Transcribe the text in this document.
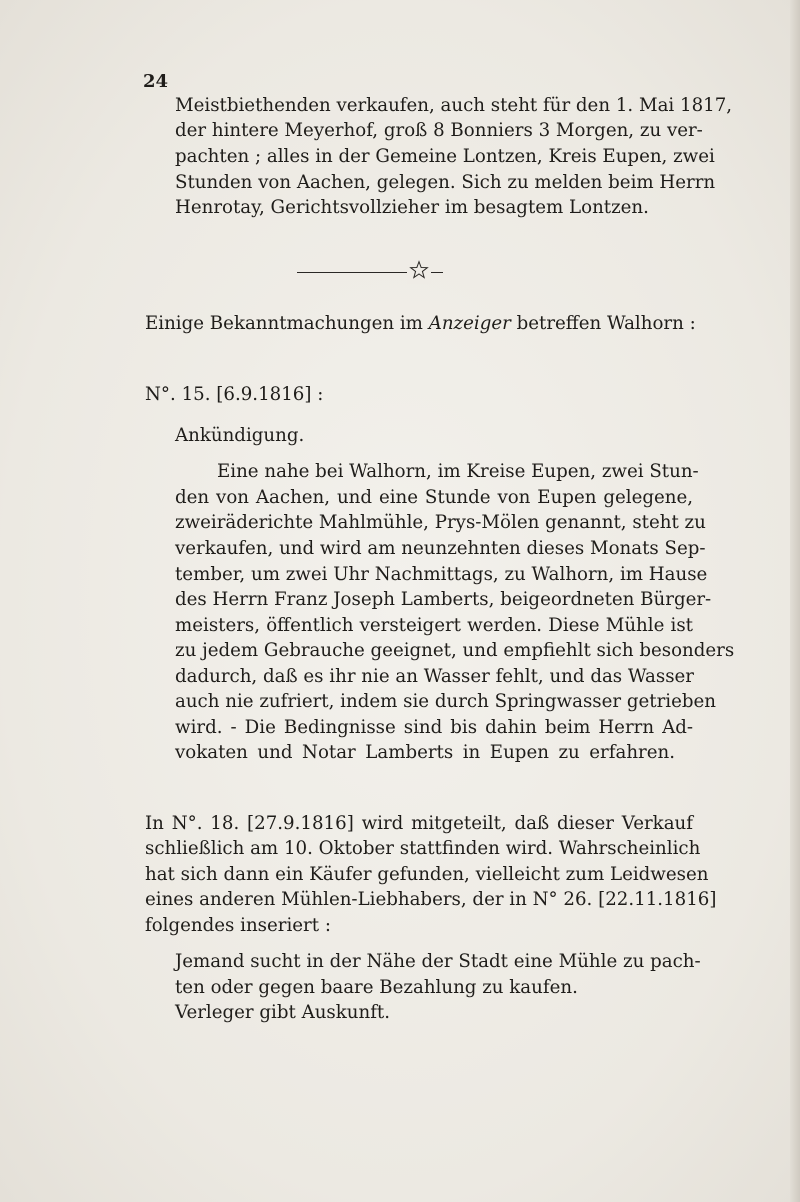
24
Meistbiethenden verkaufen, auch steht für den 1. Mai 1817,
der hintere Meyerhof, groß 8 Bonniers 3 Morgen, zu ver-
pachten ; alles in der Gemeine Lontzen, Kreis Eupen, zwei
Stunden von Aachen, gelegen. Sich zu melden beim Herrn
Henrotay, Gerichtsvollzieher im besagtem Lontzen.
Einige Bekanntmachungen im Anzeiger betreffen Walhorn :
N°. 15. [6.9.1816] :
Ankündigung.
Eine nahe bei Walhorn, im Kreise Eupen, zwei Stun-
den von Aachen, und eine Stunde von Eupen gelegene,
zweiräderichte Mahlmühle, Prys-Mölen genannt, steht zu
verkaufen, und wird am neunzehnten dieses Monats Sep-
tember, um zwei Uhr Nachmittags, zu Walhorn, im Hause
des Herrn Franz Joseph Lamberts, beigeordneten Bürger-
meisters, öffentlich versteigert werden. Diese Mühle ist
zu jedem Gebrauche geeignet, und empfiehlt sich besonders
dadurch, daß es ihr nie an Wasser fehlt, und das Wasser
auch nie zufriert, indem sie durch Springwasser getrieben
wird. - Die Bedingnisse sind bis dahin beim Herrn Ad-
vokaten und Notar Lamberts in Eupen zu erfahren.
In N°. 18. [27.9.1816] wird mitgeteilt, daß dieser Verkauf
schließlich am 10. Oktober stattfinden wird. Wahrscheinlich
hat sich dann ein Käufer gefunden, vielleicht zum Leidwesen
eines anderen Mühlen-Liebhabers, der in N° 26. [22.11.1816]
folgendes inseriert :
Jemand sucht in der Nähe der Stadt eine Mühle zu pach-
ten oder gegen baare Bezahlung zu kaufen.
Verleger gibt Auskunft.
